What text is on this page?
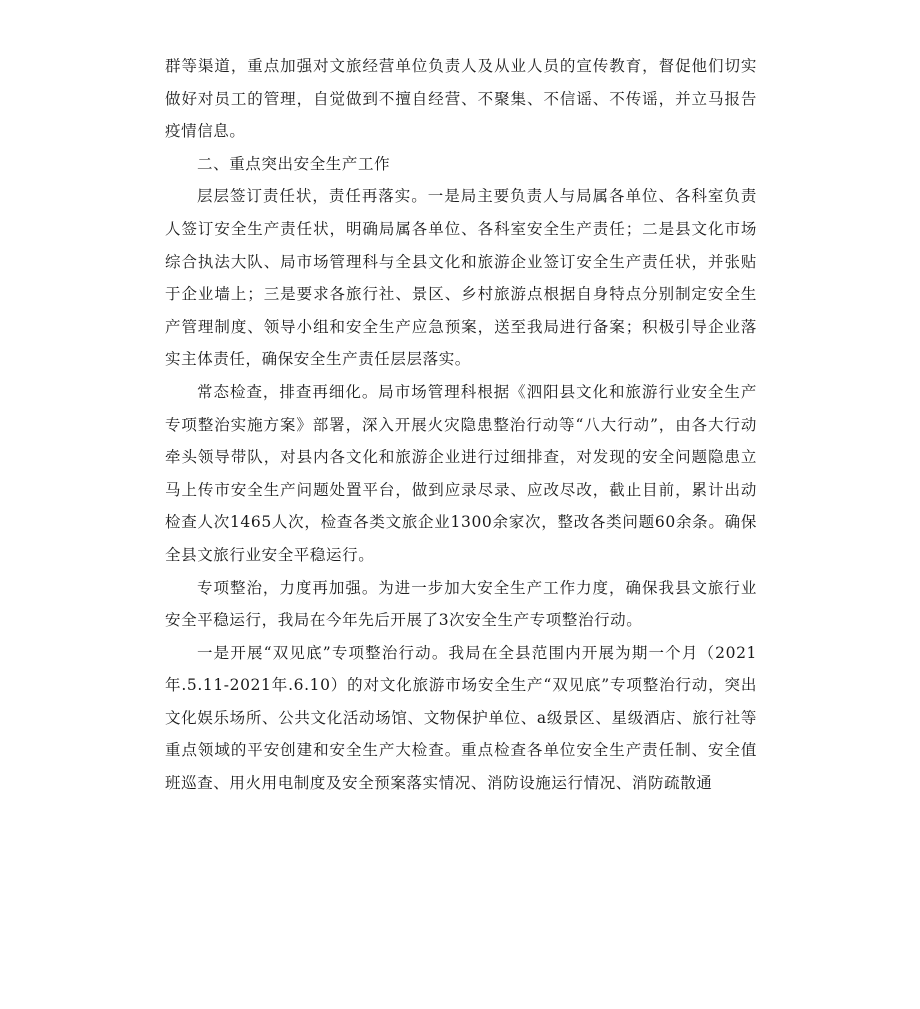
群等渠道，重点加强对文旅经营单位负责人及从业人员的宣传教育，督促他们切实做好对员工的管理，自觉做到不擅自经营、不聚集、不信谣、不传谣，并立马报告疫情信息。

二、重点突出安全生产工作

层层签订责任状，责任再落实。一是局主要负责人与局属各单位、各科室负责人签订安全生产责任状，明确局属各单位、各科室安全生产责任；二是县文化市场综合执法大队、局市场管理科与全县文化和旅游企业签订安全生产责任状，并张贴于企业墙上；三是要求各旅行社、景区、乡村旅游点根据自身特点分别制定安全生产管理制度、领导小组和安全生产应急预案，送至我局进行备案；积极引导企业落实主体责任，确保安全生产责任层层落实。

常态检查，排查再细化。局市场管理科根据《泗阳县文化和旅游行业安全生产专项整治实施方案》部署，深入开展火灾隐患整治行动等“八大行动”，由各大行动牵头领导带队，对县内各文化和旅游企业进行过细排查，对发现的安全问题隐患立马上传市安全生产问题处置平台，做到应录尽录、应改尽改，截止目前，累计出动检查人次1465人次，检查各类文旅企业1300余家次，整改各类问题60余条。确保全县文旅行业安全平稳运行。

专项整治，力度再加强。为进一步加大安全生产工作力度，确保我县文旅行业安全平稳运行，我局在今年先后开展了3次安全生产专项整治行动。

一是开展“双见底”专项整治行动。我局在全县范围内开展为期一个月（2021年.5.11-2021年.6.10）的对文化旅游市场安全生产“双见底”专项整治行动，突出文化娱乐场所、公共文化活动场馆、文物保护单位、a级景区、星级酒店、旅行社等重点领域的平安创建和安全生产大检查。重点检查各单位安全生产责任制、安全值班巡查、用火用电制度及安全预案落实情况、消防设施运行情况、消防疏散通
